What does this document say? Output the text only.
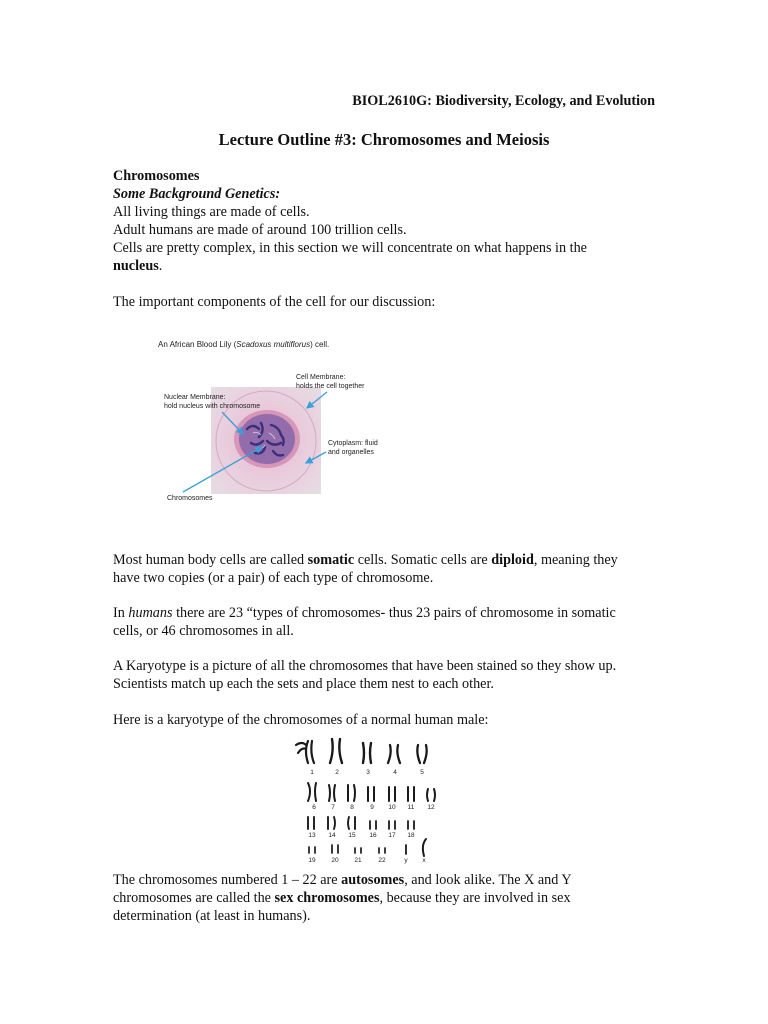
BIOL2610G: Biodiversity, Ecology, and Evolution
Lecture Outline #3: Chromosomes and Meiosis

Chromosomes

Some Background Genetics:

All living things are made of cells.

Adult humans are made of around 100 trillion cells.

Cells are pretty complex, in this section we will concentrate on what happens in the

nucleus.

The important components of the cell for our discussion:

An African Blood Lily (Scadoxus multiflorus) cell.
Cell Membrane:
holds the cell together
Nuclear Membrane:
hold nucleus with chromosome
Cytoplasm: fluid
and organelles
Chromosomes

Most human body cells are called somatic cells. Somatic cells are diploid, meaning they

have two copies (or a pair) of each type of chromosome.

In humans there are 23 “types of chromosomes- thus 23 pairs of chromosome in somatic

cells, or 46 chromosomes in all.

A Karyotype is a picture of all the chromosomes that have been stained so they show up.

Scientists match up each the sets and place them nest to each other.

Here is a karyotype of the chromosomes of a normal human male:

1	2	3	4	5
6 7 8	9 10 11 12
13 14 15 16 17 18
19 20 21	22	y x

The chromosomes numbered 1 – 22 are autosomes, and look alike. The X and Y

chromosomes are called the sex chromosomes, because they are involved in sex

determination (at least in humans).
